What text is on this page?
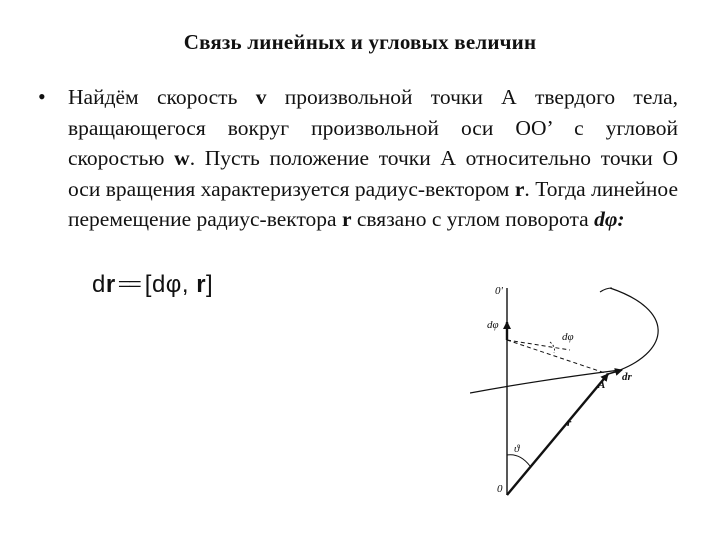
Связь линейных и угловых величин
• Найдём скорость v произвольной точки А твердого тела, вращающегося вокруг произвольной оси ОО’ с угловой скоростью w. Пусть положение точки А относительно точки О оси вращения характеризуется радиус-вектором r. Тогда линейное перемещение радиус-вектора r связано с углом поворота dφ:
dr== [dφ, r]	0'
dφ
dφ
A
dr
r
ϑ
0
